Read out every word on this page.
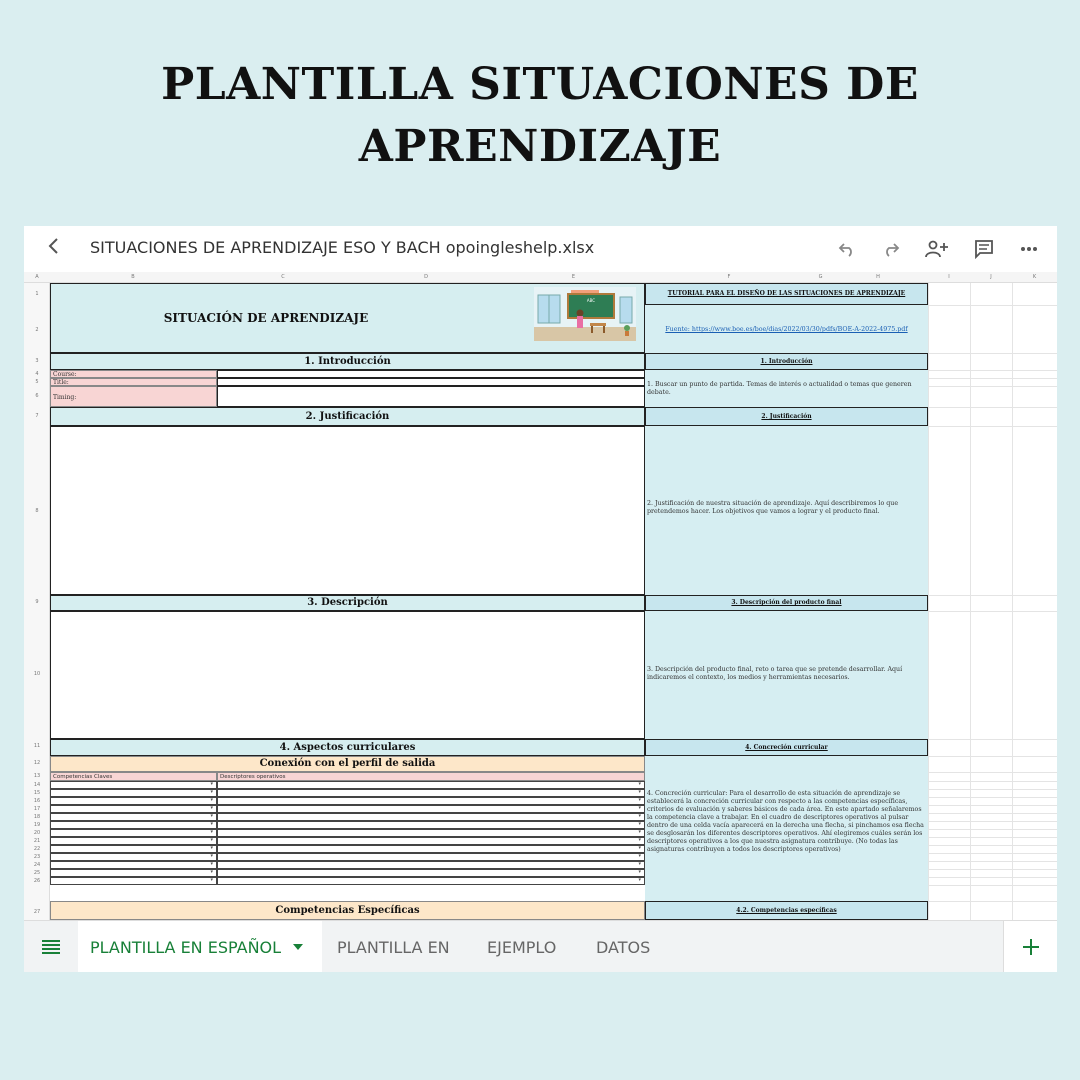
PLANTILLA SITUACIONES DE
APRENDIZAJE
SITUACIONES DE APRENDIZAJE ESO Y BACH opoingleshelp.xlsx
A	B	C	D	E	F	G	H	I	J	K
1
2
3
4
5
6
7
8
9
10
11
12
13
14
15
16
17
18
19
20
21
22
23
24
25
26
27
SITUACIÓN DE APRENDIZAJE
ABC
1. Introducción
Course:
Title:
Timing:
2. Justificación
3. Descripción
4. Aspectos curriculares
Conexión con el perfil de salida
Competencias Claves	Descriptores operativos
▾	▾
▾	▾
▾	▾
▾	▾
▾	▾
▾	▾
▾	▾
▾	▾
▾	▾
▾	▾
▾	▾
▾	▾
▾	▾
Competencias Específicas
TUTORIAL PARA EL DISEÑO DE LAS SITUACIONES DE APRENDIZAJE
Fuente: https://www.boe.es/boe/dias/2022/03/30/pdfs/BOE-A-2022-4975.pdf
1. Introducción
1. Buscar un punto de partida. Temas de interés o actualidad o temas que generen debate.
2. Justificación
2. Justificación de nuestra situación de aprendizaje. Aquí describiremos lo que pretendemos hacer. Los objetivos que vamos a lograr y el producto final.
3. Descripción del producto final
3. Descripción del producto final, reto o tarea que se pretende desarrollar. Aquí indicaremos el contexto, los medios y herramientas necesarios.
4. Concreción curricular
4. Concreción curricular: Para el desarrollo de esta situación de aprendizaje se establecerá la concreción curricular con respecto a las competencias específicas, criterios de evaluación y saberes básicos de cada área. En este apartado señalaremos la competencia clave a trabajar. En el cuadro de descriptores operativos al pulsar dentro de una celda vacía aparecerá en la derecha una flecha, si pinchamos esa flecha se desglosarán los diferentes descriptores operativos. Ahí elegiremos cuáles serán los descriptores operativos a los que nuestra asignatura contribuye. (No todas las asignaturas contribuyen a todos los descriptores operativos)
4.2. Competencias específicas
PLANTILLA EN ESPAÑOL	PLANTILLA EN EJEMPLO DATOS
